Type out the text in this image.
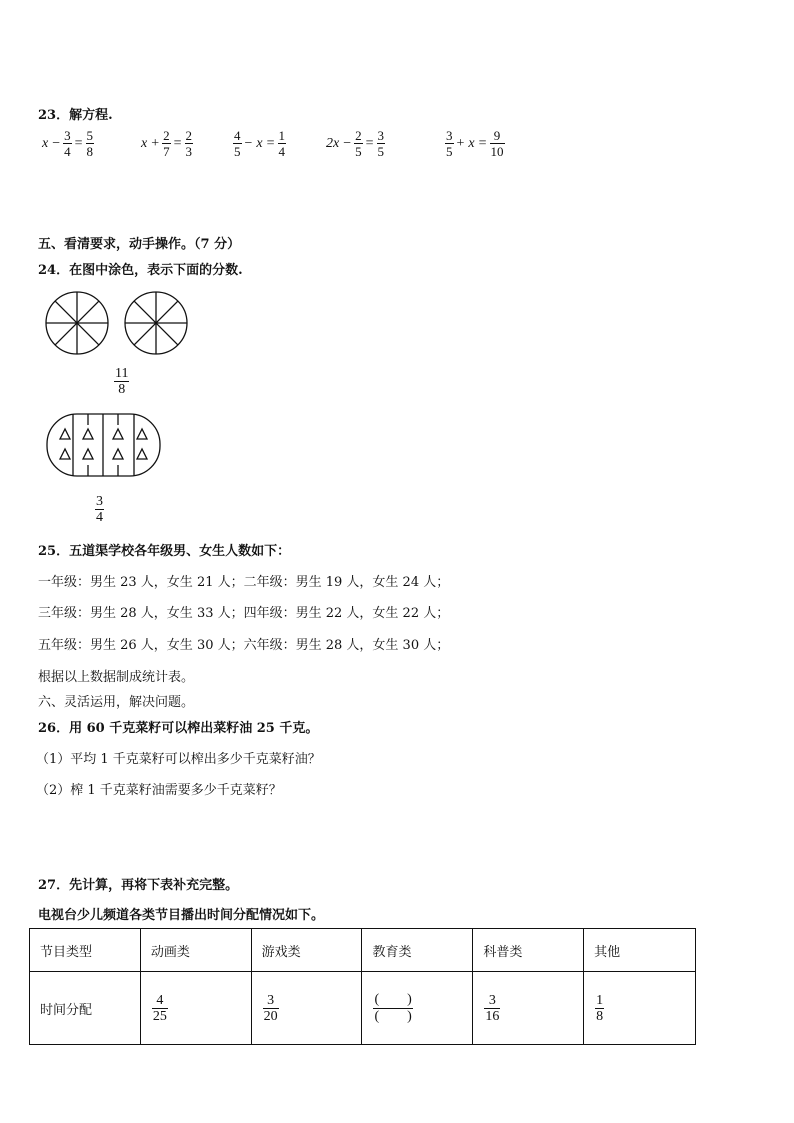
23．解方程.
$x - \frac{3}{4} = \frac{5}{8}$	$x + \frac{2}{7} = \frac{2}{3}$	$\frac{4}{5} - x = \frac{1}{4}$	$2x - \frac{2}{5} = \frac{3}{5}$	$\frac{3}{5} + x = \frac{9}{10}$
五、看清要求，动手操作。（7 分）
24．在图中涂色，表示下面的分数.
$\frac{11}{8}$
$\frac{3}{4}$
25．五道渠学校各年级男、女生人数如下：
一年级：男生 23 人，女生 21 人；二年级：男生 19 人，女生 24 人；
三年级：男生 28 人，女生 33 人；四年级：男生 22 人，女生 22 人；
五年级：男生 26 人，女生 30 人；六年级：男生 28 人，女生 30 人；
根据以上数据制成统计表。
六、灵活运用，解决问题。
26．用 60 千克菜籽可以榨出菜籽油 25 千克。
（1）平均 1 千克菜籽可以榨出多少千克菜籽油？
（2）榨 1 千克菜籽油需要多少千克菜籽？
27．先计算，再将下表补充完整。
电视台少儿频道各类节目播出时间分配情况如下。
节目类型	动画类	游戏类	教育类	科普类	其他
时间分配	$\frac{4}{25}$	$\frac{3}{20}$	$\frac{( )}{( )}$	$\frac{3}{16}$	$\frac{1}{8}$
